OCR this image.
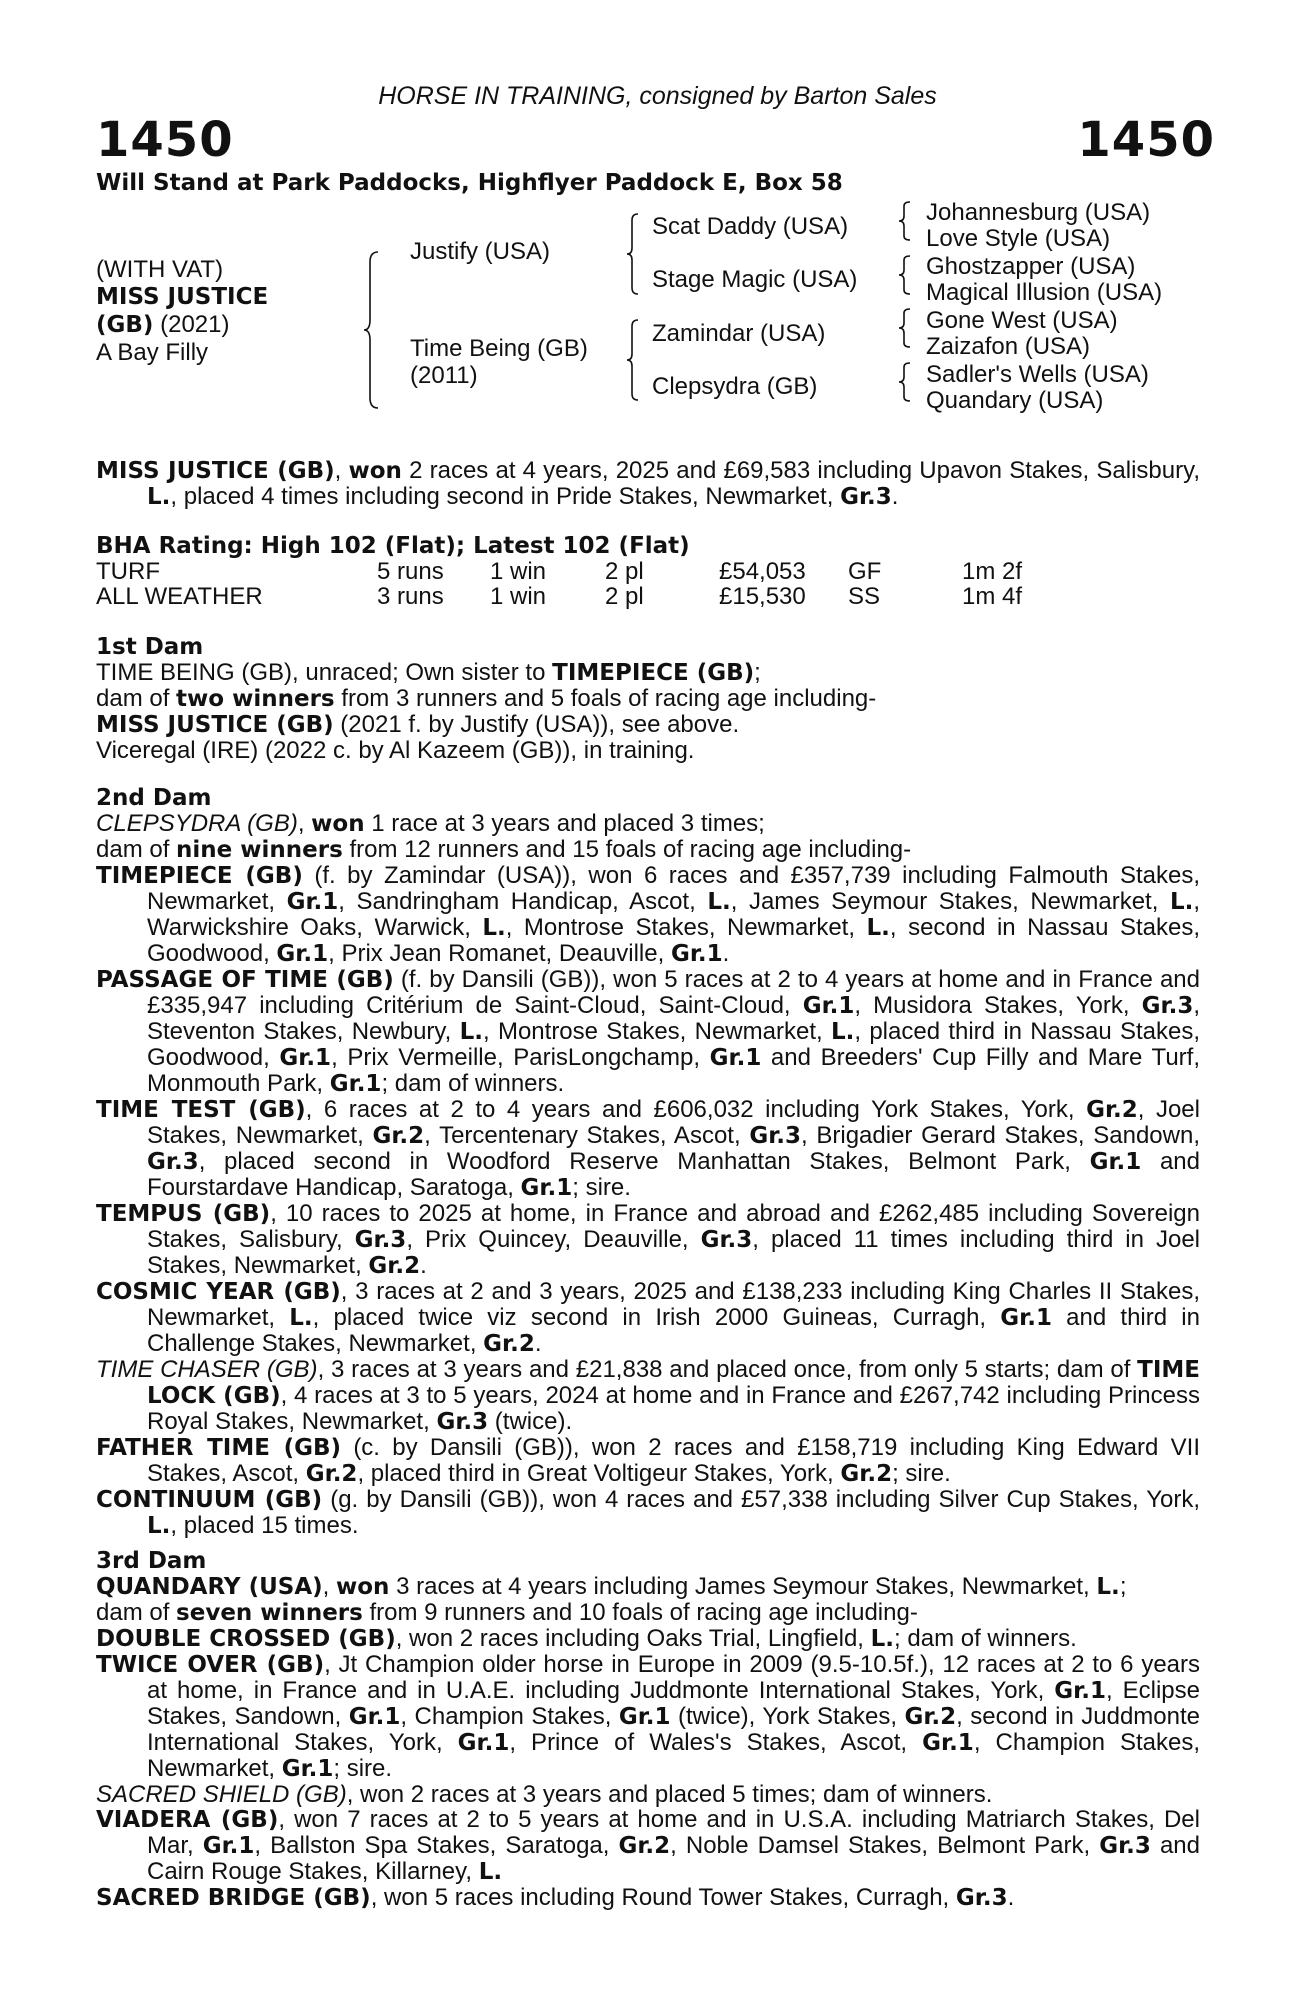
HORSE IN TRAINING, consigned by Barton Sales
1450	1450
Will Stand at Park Paddocks, Highflyer Paddock E, Box 58
(WITH VAT)
MISS JUSTICE
(GB) (2021)
A Bay Filly
Justify (USA)
Time Being (GB)
(2011)
Scat Daddy (USA)
Stage Magic (USA)
Zamindar (USA)
Clepsydra (GB)
Johannesburg (USA)
Love Style (USA)
Ghostzapper (USA)
Magical Illusion (USA)
Gone West (USA)
Zaizafon (USA)
Sadler's Wells (USA)
Quandary (USA)

MISS JUSTICE (GB), won 2 races at 4 years, 2025 and £69,583 including Upavon Stakes, Salisbury, L., placed 4 times including second in Pride Stakes, Newmarket, Gr.3.

BHA Rating: High 102 (Flat); Latest 102 (Flat)
TURF	5 runs 1 win 2 pl	£54,053 GF	1m 2f
ALL WEATHER	3 runs 1 win 2 pl	£15,530 SS	1m 4f

1st Dam

TIME BEING (GB), unraced; Own sister to TIMEPIECE (GB);

dam of two winners from 3 runners and 5 foals of racing age including-

MISS JUSTICE (GB) (2021 f. by Justify (USA)), see above.

Viceregal (IRE) (2022 c. by Al Kazeem (GB)), in training.

2nd Dam

CLEPSYDRA (GB), won 1 race at 3 years and placed 3 times;

dam of nine winners from 12 runners and 15 foals of racing age including-

TIMEPIECE (GB) (f. by Zamindar (USA)), won 6 races and £357,739 including Falmouth Stakes, Newmarket, Gr.1, Sandringham Handicap, Ascot, L., James Seymour Stakes, Newmarket, L., Warwickshire Oaks, Warwick, L., Montrose Stakes, Newmarket, L., second in Nassau Stakes, Goodwood, Gr.1, Prix Jean Romanet, Deauville, Gr.1.

PASSAGE OF TIME (GB) (f. by Dansili (GB)), won 5 races at 2 to 4 years at home and in France and £335,947 including Critérium de Saint-Cloud, Saint-Cloud, Gr.1, Musidora Stakes, York, Gr.3, Steventon Stakes, Newbury, L., Montrose Stakes, Newmarket, L., placed third in Nassau Stakes, Goodwood, Gr.1, Prix Vermeille, ParisLongchamp, Gr.1 and Breeders' Cup Filly and Mare Turf, Monmouth Park, Gr.1; dam of winners.

TIME TEST (GB), 6 races at 2 to 4 years and £606,032 including York Stakes, York, Gr.2, Joel Stakes, Newmarket, Gr.2, Tercentenary Stakes, Ascot, Gr.3, Brigadier Gerard Stakes, Sandown, Gr.3, placed second in Woodford Reserve Manhattan Stakes, Belmont Park, Gr.1 and Fourstardave Handicap, Saratoga, Gr.1; sire.

TEMPUS (GB), 10 races to 2025 at home, in France and abroad and £262,485 including Sovereign Stakes, Salisbury, Gr.3, Prix Quincey, Deauville, Gr.3, placed 11 times including third in Joel Stakes, Newmarket, Gr.2.

COSMIC YEAR (GB), 3 races at 2 and 3 years, 2025 and £138,233 including King Charles II Stakes, Newmarket, L., placed twice viz second in Irish 2000 Guineas, Curragh, Gr.1 and third in Challenge Stakes, Newmarket, Gr.2.

TIME CHASER (GB), 3 races at 3 years and £21,838 and placed once, from only 5 starts; dam of TIME LOCK (GB), 4 races at 3 to 5 years, 2024 at home and in France and £267,742 including Princess Royal Stakes, Newmarket, Gr.3 (twice).

FATHER TIME (GB) (c. by Dansili (GB)), won 2 races and £158,719 including King Edward VII Stakes, Ascot, Gr.2, placed third in Great Voltigeur Stakes, York, Gr.2; sire.

CONTINUUM (GB) (g. by Dansili (GB)), won 4 races and £57,338 including Silver Cup Stakes, York, L., placed 15 times.

3rd Dam

QUANDARY (USA), won 3 races at 4 years including James Seymour Stakes, Newmarket, L.;

dam of seven winners from 9 runners and 10 foals of racing age including-

DOUBLE CROSSED (GB), won 2 races including Oaks Trial, Lingfield, L.; dam of winners.

TWICE OVER (GB), Jt Champion older horse in Europe in 2009 (9.5-10.5f.), 12 races at 2 to 6 years at home, in France and in U.A.E. including Juddmonte International Stakes, York, Gr.1, Eclipse Stakes, Sandown, Gr.1, Champion Stakes, Gr.1 (twice), York Stakes, Gr.2, second in Juddmonte International Stakes, York, Gr.1, Prince of Wales's Stakes, Ascot, Gr.1, Champion Stakes, Newmarket, Gr.1; sire.

SACRED SHIELD (GB), won 2 races at 3 years and placed 5 times; dam of winners.

VIADERA (GB), won 7 races at 2 to 5 years at home and in U.S.A. including Matriarch Stakes, Del Mar, Gr.1, Ballston Spa Stakes, Saratoga, Gr.2, Noble Damsel Stakes, Belmont Park, Gr.3 and Cairn Rouge Stakes, Killarney, L.

SACRED BRIDGE (GB), won 5 races including Round Tower Stakes, Curragh, Gr.3.
